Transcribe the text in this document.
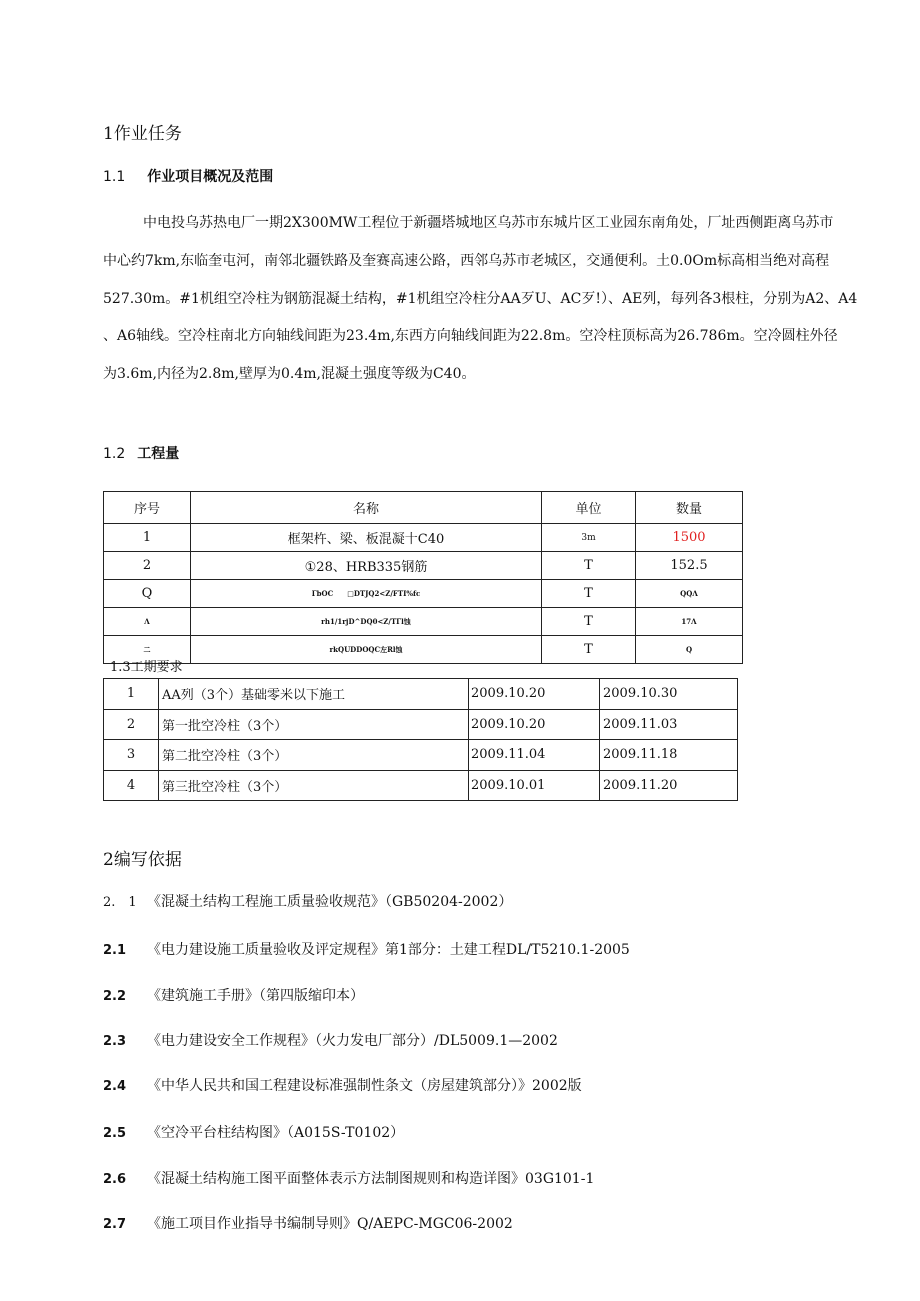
1作业任务
1.1 作业项目概况及范围
中电投乌苏热电厂一期2X300MW工程位于新疆塔城地区乌苏市东城片区工业园东南角处，厂址西侧距离乌苏市
中心约7km,东临奎屯河，南邻北疆铁路及奎赛高速公路，西邻乌苏市老城区，交通便利。土0.0Om标高相当绝对高程
527.30m。#1机组空冷柱为钢筋混凝土结构，#1机组空冷柱分AA歹U、AC歹!）、AE列，每列各3根柱，分别为A2、A4
、A6轴线。空冷柱南北方向轴线间距为23.4m,东西方向轴线间距为22.8m。空冷柱顶标高为26.786m。空冷圆柱外径
为3.6m,内径为2.8m,壁厚为0.4m,混凝土强度等级为C40。
1.2 工程量
序号	名称	单位	数量
1	框架杵、梁、板混凝十C40	3m	1500
2	①28、HRB335钢筋	T	152.5
Q	ΓbOC　　□DTJQ2<Z/FTI%fc	T	QQΛ
Λ	rh1/1rjD^DQ0<Z/TΓl蚀	T	17Λ
二	rkQUDDOQC左Rl蚀	T	Q
1.3工期要求
1	AA列（3个）基础零米以下施工	2009.10.20	2009.10.30
2	第一批空冷柱（3个）	2009.10.20	2009.11.03
3	第二批空冷柱（3个）	2009.11.04	2009.11.18
4	第三批空冷柱（3个）	2009.10.01	2009.11.20
2编写依据
2.　1 《混凝土结构工程施工质量验收规范》（GB50204-2002）
2.1 《电力建设施工质量验收及评定规程》第1部分：土建工程DL/T5210.1-2005
2.2 《建筑施工手册》（第四版缩印本）
2.3 《电力建设安全工作规程》（火力发电厂部分）/DL5009.1—2002
2.4 《中华人民共和国工程建设标准强制性条文（房屋建筑部分）》2002版
2.5 《空冷平台柱结构图》（A015S-T0102）
2.6 《混凝土结构施工图平面整体表示方法制图规则和构造详图》03G101-1
2.7 《施工项目作业指导书编制导则》Q/AEPC-MGC06-2002
